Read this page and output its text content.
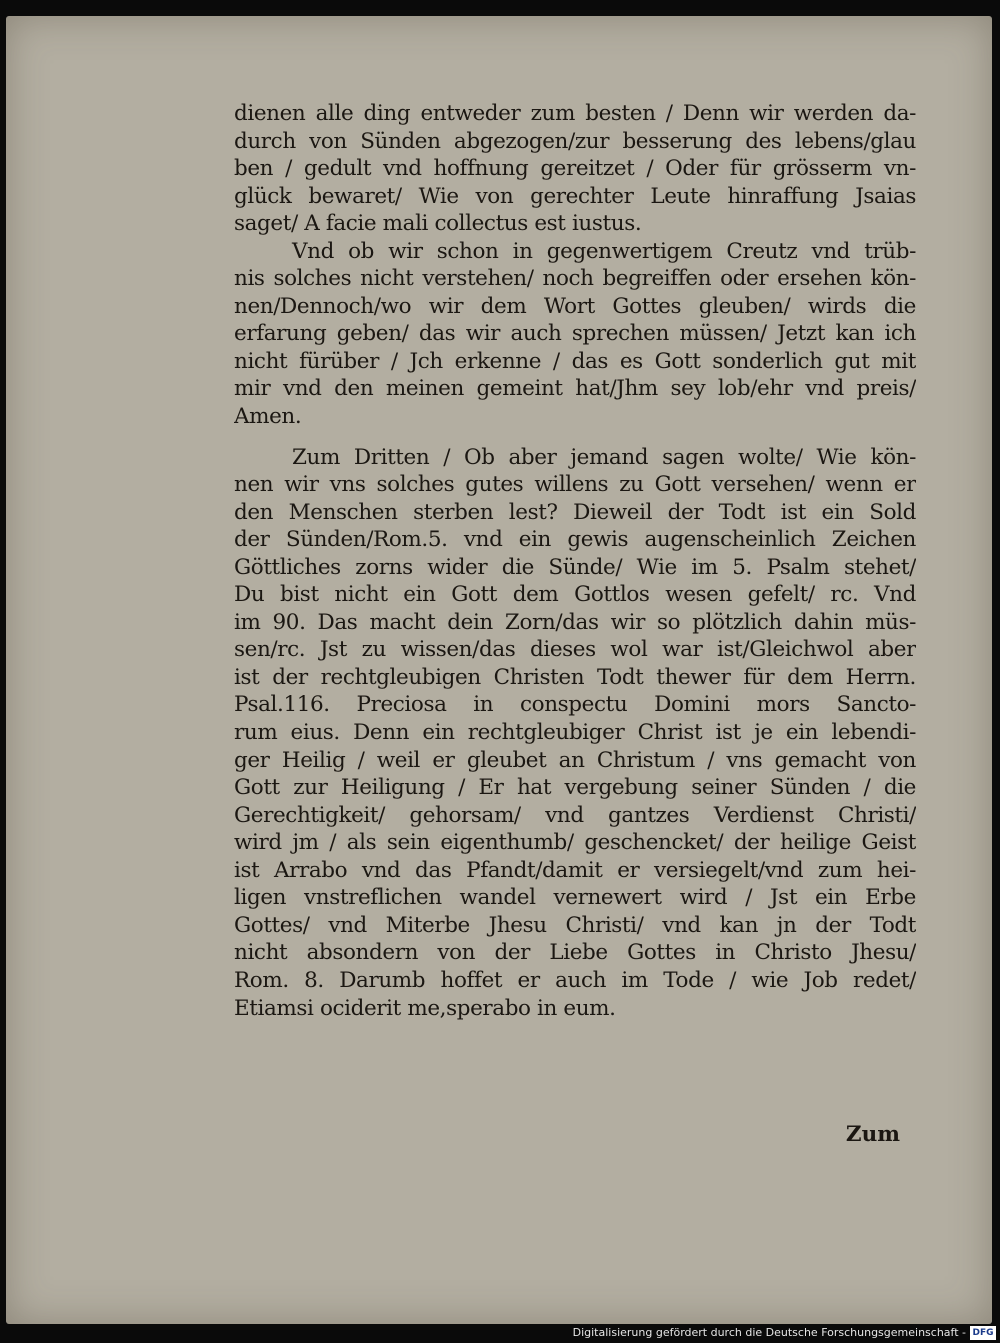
dienen alle ding entweder zum besten / Denn wir werden da-
durch von Sünden abgezogen/zur besserung des lebens/glau
ben / gedult vnd hoffnung gereitzet / Oder für grösserm vn-
glück bewaret/ Wie von gerechter Leute hinraffung Jsaias
saget/ A facie mali collectus est iustus.
Vnd ob wir schon in gegenwertigem Creutz vnd trüb-
nis solches nicht verstehen/ noch begreiffen oder ersehen kön-
nen/Dennoch/wo wir dem Wort Gottes gleuben/ wirds die
erfarung geben/ das wir auch sprechen müssen/ Jetzt kan ich
nicht fürüber / Jch erkenne / das es Gott sonderlich gut mit
mir vnd den meinen gemeint hat/Jhm sey lob/ehr vnd preis/
Amen.
Zum Dritten / Ob aber jemand sagen wolte/ Wie kön-
nen wir vns solches gutes willens zu Gott versehen/ wenn er
den Menschen sterben lest? Dieweil der Todt ist ein Sold
der Sünden/Rom.5. vnd ein gewis augenscheinlich Zeichen
Göttliches zorns wider die Sünde/ Wie im 5. Psalm stehet/
Du bist nicht ein Gott dem Gottlos wesen gefelt/ rc. Vnd
im 90. Das macht dein Zorn/das wir so plötzlich dahin müs-
sen/rc. Jst zu wissen/das dieses wol war ist/Gleichwol aber
ist der rechtgleubigen Christen Todt thewer für dem Herrn.
Psal.116. Preciosa in conspectu Domini mors Sancto-
rum eius. Denn ein rechtgleubiger Christ ist je ein lebendi-
ger Heilig / weil er gleubet an Christum / vns gemacht von
Gott zur Heiligung / Er hat vergebung seiner Sünden / die
Gerechtigkeit/ gehorsam/ vnd gantzes Verdienst Christi/
wird jm / als sein eigenthumb/ geschencket/ der heilige Geist
ist Arrabo vnd das Pfandt/damit er versiegelt/vnd zum hei-
ligen vnstreflichen wandel vernewert wird / Jst ein Erbe
Gottes/ vnd Miterbe Jhesu Christi/ vnd kan jn der Todt
nicht absondern von der Liebe Gottes in Christo Jhesu/
Rom. 8. Darumb hoffet er auch im Tode / wie Job redet/
Etiamsi ociderit me,sperabo in eum.
Zum
Digitalisierung gefördert durch die Deutsche Forschungsgemeinschaft - DFG
